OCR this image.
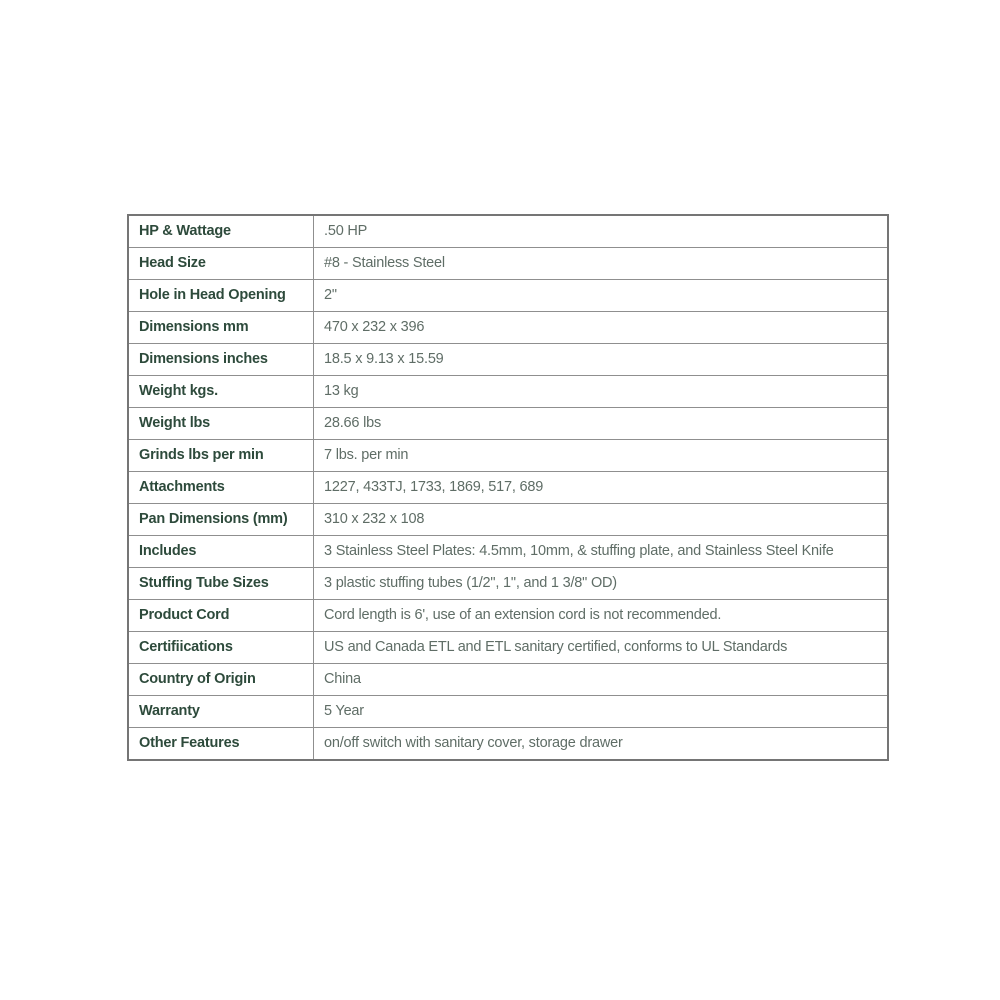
HP & Wattage	.50 HP
Head Size	#8 - Stainless Steel
Hole in Head Opening	2"
Dimensions mm	470 x 232 x 396
Dimensions inches	18.5 x 9.13 x 15.59
Weight kgs.	13 kg
Weight lbs	28.66 lbs
Grinds lbs per min	7 lbs. per min
Attachments	1227, 433TJ, 1733, 1869, 517, 689
Pan Dimensions (mm)	310 x 232 x 108
Includes	3 Stainless Steel Plates: 4.5mm, 10mm, & stuffing plate, and Stainless Steel Knife
Stuffing Tube Sizes	3 plastic stuffing tubes (1/2", 1", and 1 3/8" OD)
Product Cord	Cord length is 6', use of an extension cord is not recommended.
Certifiications	US and Canada ETL and ETL sanitary certified, conforms to UL Standards
Country of Origin	China
Warranty	5 Year
Other Features	on/off switch with sanitary cover, storage drawer
